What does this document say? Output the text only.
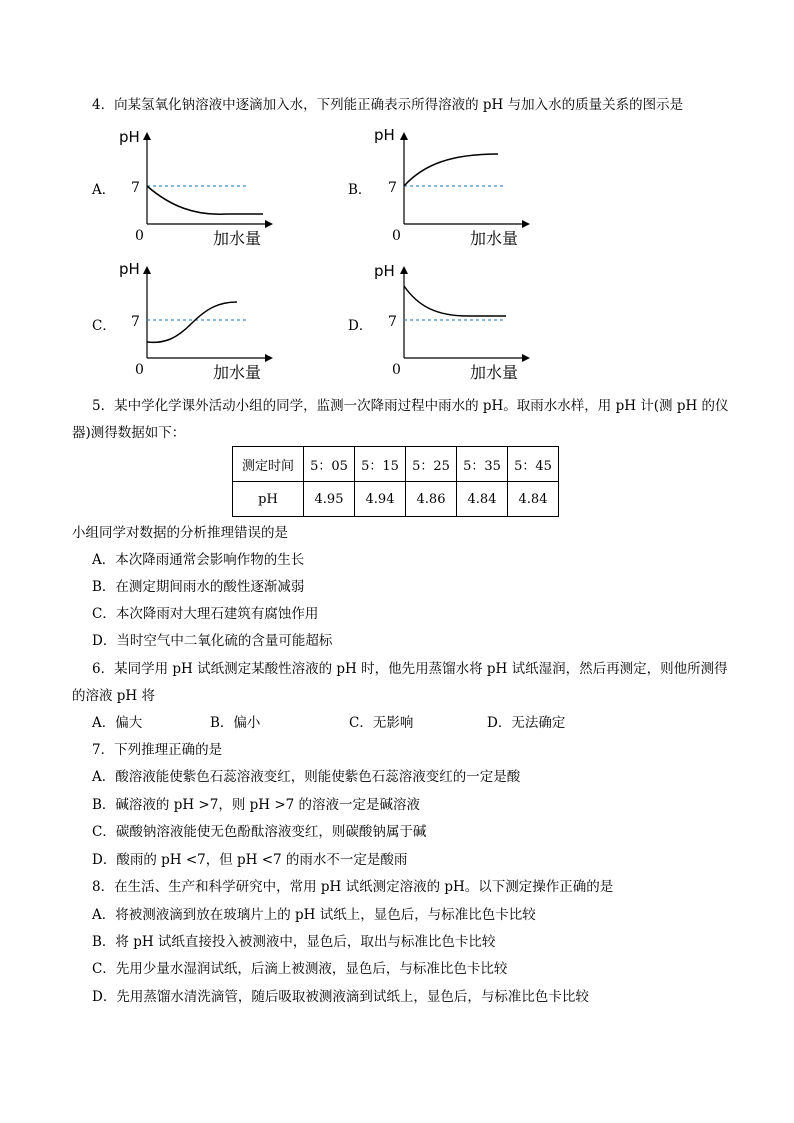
4．向某氢氧化钠溶液中逐滴加入水，下列能正确表示所得溶液的 pH 与加入水的质量关系的图示是
A．
pH
7
0	加水量
B．
pH
7
0	加水量
C．
pH
7
0	加水量
D．
pH
7
0	加水量
5．某中学化学课外活动小组的同学，监测一次降雨过程中雨水的 pH。取雨水水样，用 pH 计(测 pH 的仪
器)测得数据如下：
测定时间	5：05	5：15	5：25	5：35	5：45
pH	4.95	4.94	4.86	4.84	4.84
小组同学对数据的分析推理错误的是
A．本次降雨通常会影响作物的生长
B．在测定期间雨水的酸性逐渐减弱
C．本次降雨对大理石建筑有腐蚀作用
D．当时空气中二氧化硫的含量可能超标
6．某同学用 pH 试纸测定某酸性溶液的 pH 时，他先用蒸馏水将 pH 试纸湿润，然后再测定，则他所测得
的溶液 pH 将
A．偏大	B．偏小	C．无影响	D．无法确定
7．下列推理正确的是
A．酸溶液能使紫色石蕊溶液变红，则能使紫色石蕊溶液变红的一定是酸
B．碱溶液的 pH >7，则 pH >7 的溶液一定是碱溶液
C．碳酸钠溶液能使无色酚酞溶液变红，则碳酸钠属于碱
D．酸雨的 pH <7，但 pH <7 的雨水不一定是酸雨
8．在生活、生产和科学研究中，常用 pH 试纸测定溶液的 pH。以下测定操作正确的是
A．将被测液滴到放在玻璃片上的 pH 试纸上，显色后，与标准比色卡比较
B．将 pH 试纸直接投入被测液中，显色后，取出与标准比色卡比较
C．先用少量水湿润试纸，后滴上被测液，显色后，与标准比色卡比较
D．先用蒸馏水清洗滴管，随后吸取被测液滴到试纸上，显色后，与标准比色卡比较
